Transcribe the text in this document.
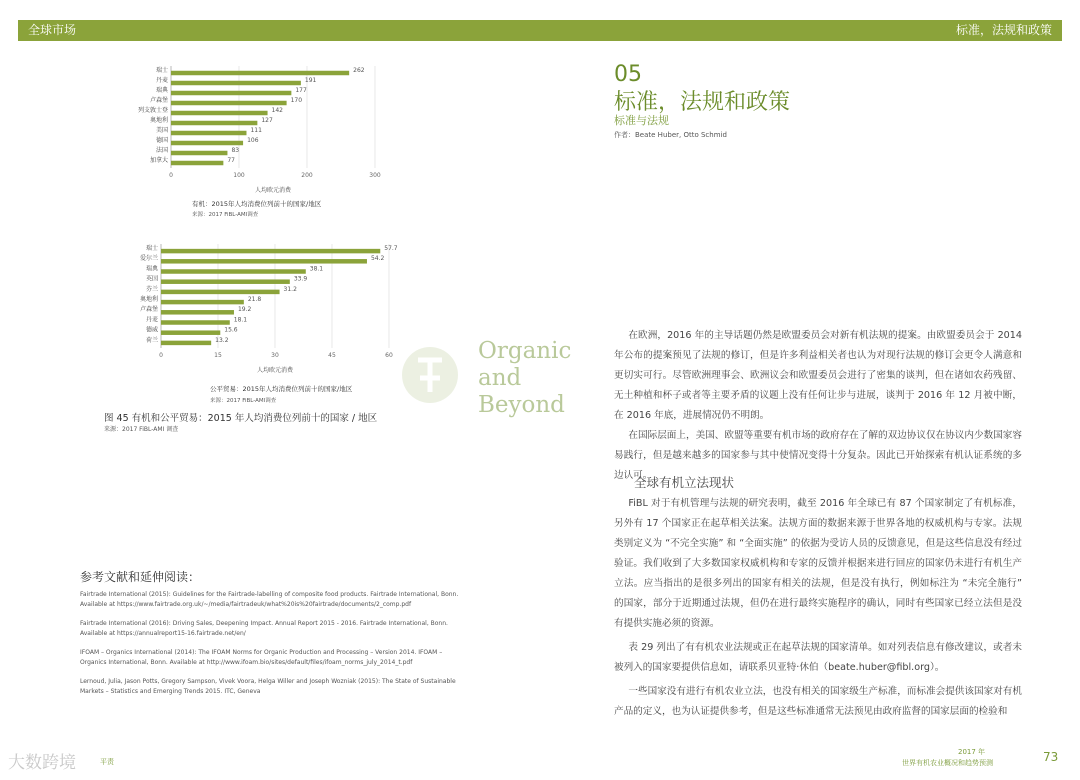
全球市场	标准，法规和政策
0	100	200	300
瑞士	262
丹麦	191
瑞典	177
卢森堡	170
列支敦士登	142
奥地利	127
美国	111
德国	106
法国	83
加拿大	77
人均欧元消费
有机：2015年人均消费位列前十的国家/地区
来源：2017 FiBL-AMI调查
0	15	30	45	60
瑞士	57.7
爱尔兰	54.2
瑞典	38.1
英国	33.9
芬兰	31.2
奥地利	21.8
卢森堡	19.2
丹麦	18.1
德威	15.6
荷兰	13.2
人均欧元消费
公平贸易：2015年人均消费位列前十的国家/地区
来源：2017 FiBL-AMI调查
图 45 有机和公平贸易：2015 年人均消费位列前十的国家 / 地区
来源：2017 FiBL-AMI 调查
参考文献和延伸阅读：

Fairtrade International (2015): Guidelines for the Fairtrade-labelling of composite food products. Fairtrade International, Bonn. Available at https://www.fairtrade.org.uk/~/media/fairtradeuk/what%20is%20fairtrade/documents/2_comp.pdf

Fairtrade International (2016): Driving Sales, Deepening Impact. Annual Report 2015 - 2016. Fairtrade International, Bonn. Available at https://annualreport15-16.fairtrade.net/en/

IFOAM – Organics International (2014): The IFOAM Norms for Organic Production and Processing – Version 2014. IFOAM – Organics International, Bonn. Available at http://www.ifoam.bio/sites/default/files/ifoam_norms_july_2014_t.pdf

Lernoud, Julia, Jason Potts, Gregory Sampson, Vivek Voora, Helga Willer and Joseph Wozniak (2015): The State of Sustainable Markets – Statistics and Emerging Trends 2015. ITC, Geneva

Organic
and
Beyond
05
标准，法规和政策
标准与法规
作者：Beate Huber, Otto Schmid

在欧洲，2016 年的主导话题仍然是欧盟委员会对新有机法规的提案。由欧盟委员会于 2014 年公布的提案预见了法规的修订，但是许多利益相关者也认为对现行法规的修订会更令人满意和更切实可行。尽管欧洲理事会、欧洲议会和欧盟委员会进行了密集的谈判，但在诸如农药残留、无土种植和杯子或者等主要矛盾的议题上没有任何让步与进展，谈判于 2016 年 12 月被中断，在 2016 年底，进展情况仍不明朗。

在国际层面上，美国、欧盟等重要有机市场的政府存在了解的双边协议仅在协议内少数国家容易践行，但是越来越多的国家参与其中使情况变得十分复杂。因此已开始探索有机认证系统的多边认可。

全球有机立法现状

FiBL 对于有机管理与法规的研究表明，截至 2016 年全球已有 87 个国家制定了有机标准，另外有 17 个国家正在起草相关法案。法规方面的数据来源于世界各地的权威机构与专家。法规类别定义为 “不完全实施” 和 “全面实施” 的依据为受访人员的反馈意见，但是这些信息没有经过验证。我们收到了大多数国家权威机构和专家的反馈并根据来进行回应的国家仍未进行有机生产立法。应当指出的是很多列出的国家有相关的法规，但是没有执行，例如标注为 “未完全施行” 的国家，部分于近期通过法规，但仍在进行最终实施程序的确认，同时有些国家已经立法但是没有提供实施必须的资源。

表 29 列出了有有机农业法规或正在起草法规的国家清单。如对列表信息有修改建议，或者未被列入的国家要提供信息如，请联系贝亚特·休伯（beate.huber@fibl.org）。

一些国家没有进行有机农业立法，也没有相关的国家级生产标准，而标准会提供该国家对有机产品的定义，也为认证提供参考，但是这些标准通常无法预见由政府监督的国家层面的检验和

大数跨境	平责
2017 年
世界有机农业概况和趋势预测	73
